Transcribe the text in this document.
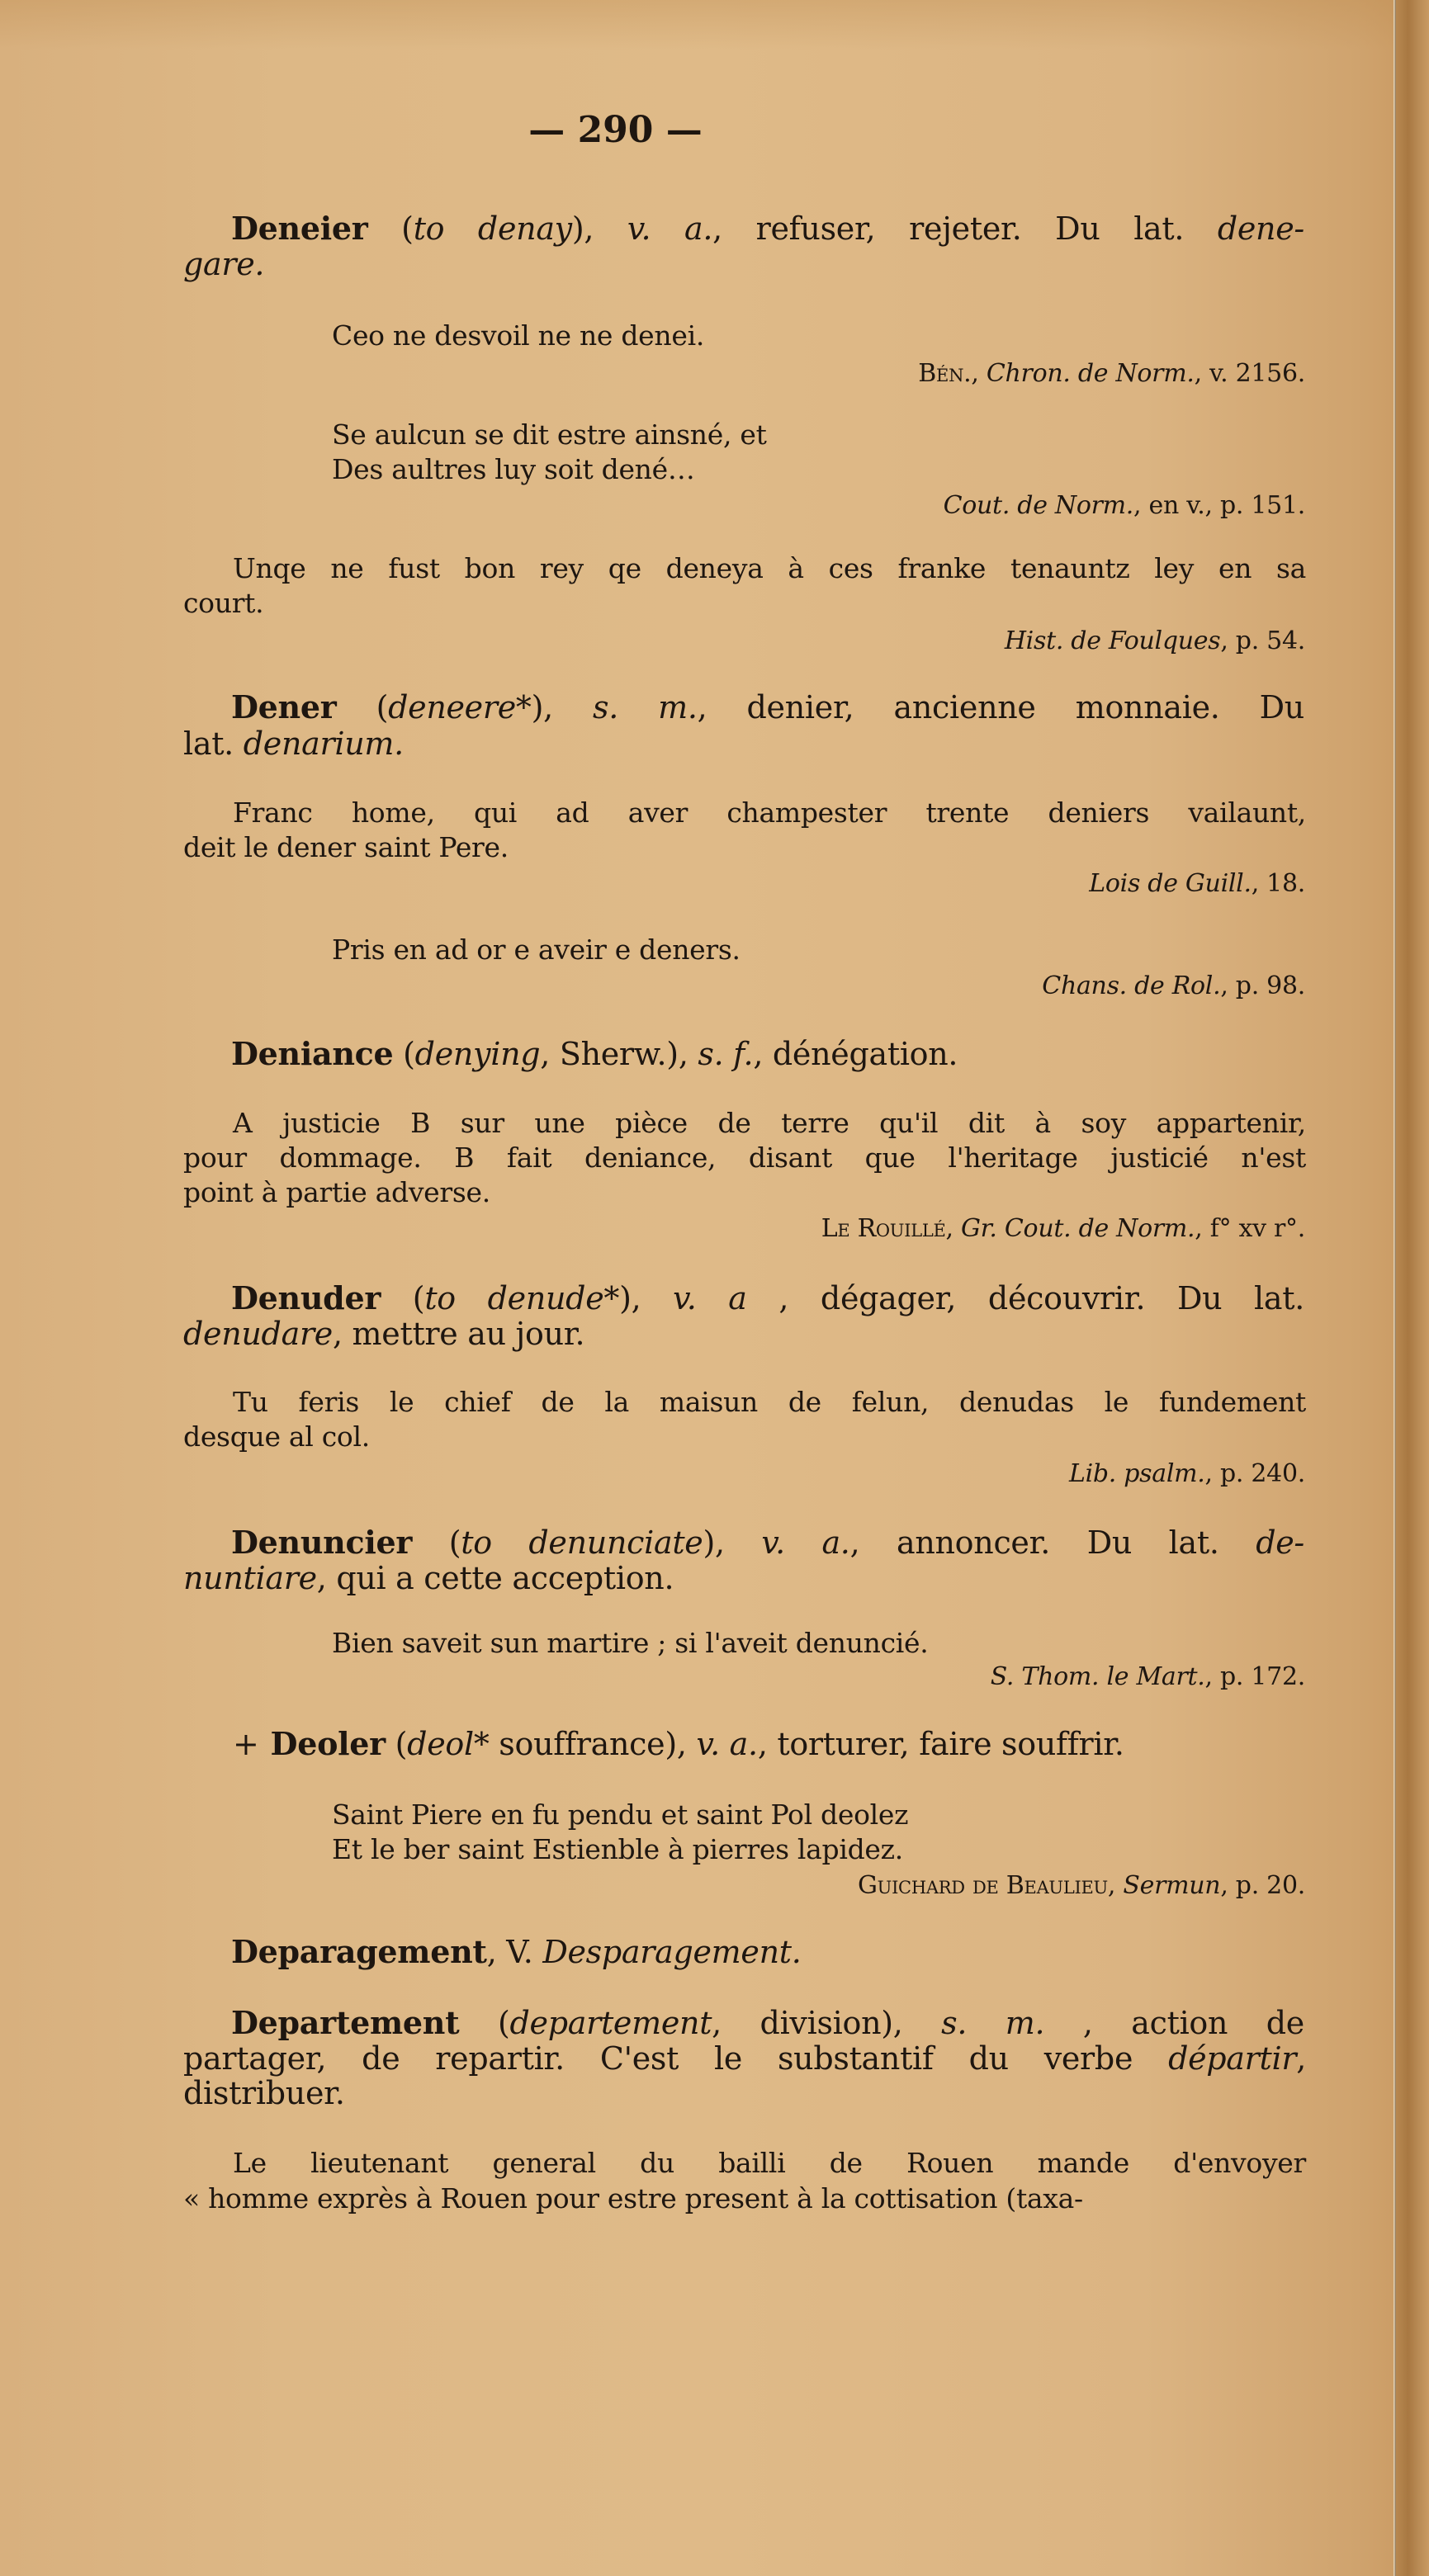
— 290 —
Deneier (to denay), v. a., refuser, rejeter. Du lat. dene-
gare.
Ceo ne desvoil ne ne denei.
Bén., Chron. de Norm., v. 2156.
Se aulcun se dit estre ainsné, et
Des aultres luy soit dené…
Cout. de Norm., en v., p. 151.
Unqe ne fust bon rey qe deneya à ces franke tenauntz ley en sa
court.
Hist. de Foulques, p. 54.
Dener (deneere*), s. m., denier, ancienne monnaie. Du
lat. denarium.
Franc home, qui ad aver champester trente deniers vailaunt,
deit le dener saint Pere.
Lois de Guill., 18.
Pris en ad or e aveir e deners.
Chans. de Rol., p. 98.
Deniance (denying, Sherw.), s. f., dénégation.
A justicie B sur une pièce de terre qu'il dit à soy appartenir,
pour dommage. B fait deniance, disant que l'heritage justicié n'est
point à partie adverse.
Le Rouillé, Gr. Cout. de Norm., f° xv r°.
Denuder (to denude*), v. a , dégager, découvrir. Du lat.
denudare, mettre au jour.
Tu feris le chief de la maisun de felun, denudas le fundement
desque al col.
Lib. psalm., p. 240.
Denuncier (to denunciate), v. a., annoncer. Du lat. de-
nuntiare, qui a cette acception.
Bien saveit sun martire ; si l'aveit denuncié.
S. Thom. le Mart., p. 172.
+ Deoler (deol* souffrance), v. a., torturer, faire souffrir.
Saint Piere en fu pendu et saint Pol deolez
Et le ber saint Estienble à pierres lapidez.
Guichard de Beaulieu, Sermun, p. 20.
Deparagement, V. Desparagement.
Departement (departement, division), s. m. , action de
partager, de repartir. C'est le substantif du verbe départir,
distribuer.
Le lieutenant general du bailli de Rouen mande d'envoyer
« homme exprès à Rouen pour estre present à la cottisation (taxa-
